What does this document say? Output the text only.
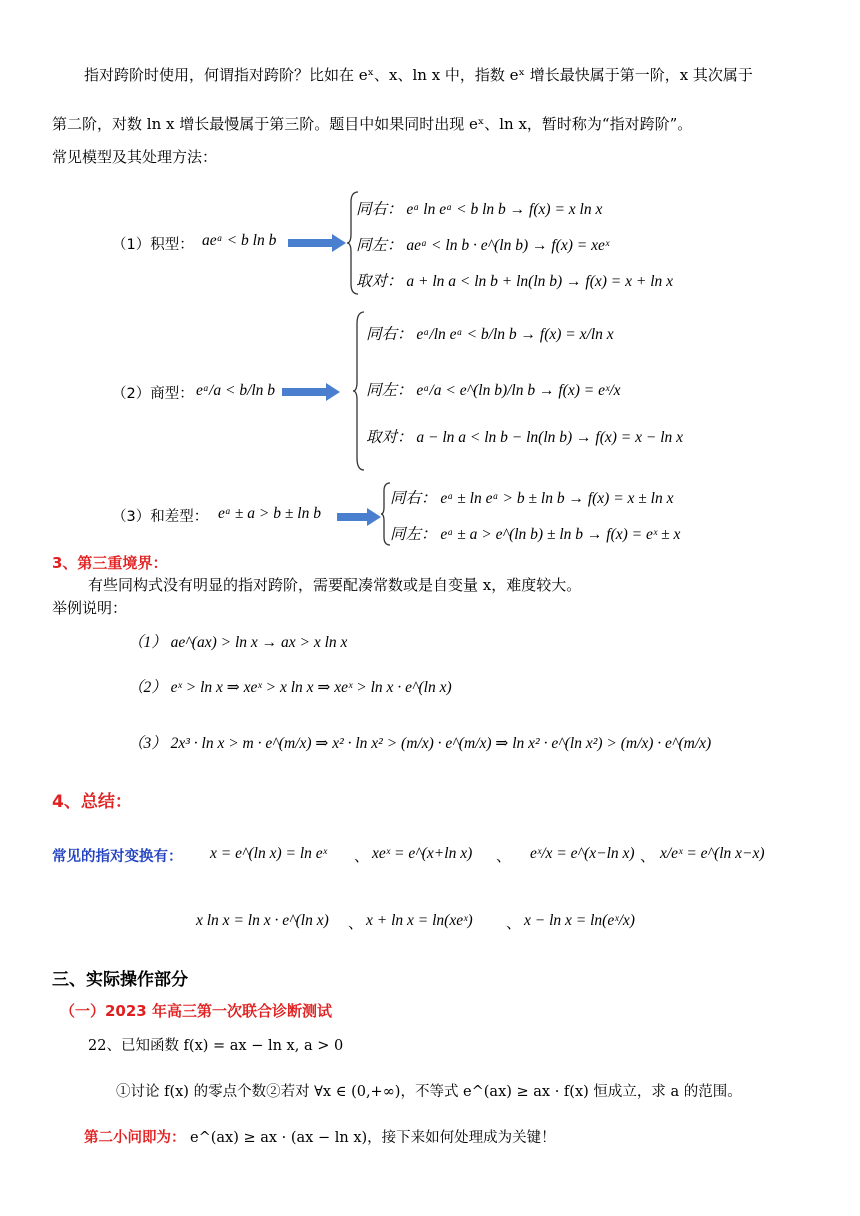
指对跨阶时使用，何谓指对跨阶？比如在 eˣ、x、ln x 中，指数 eˣ 增长最快属于第一阶，x 其次属于
第二阶，对数 ln x 增长最慢属于第三阶。题目中如果同时出现 eˣ、ln x，暂时称为“指对跨阶”。
常见模型及其处理方法：
（1）积型： aeᵃ < b ln b
同右： eᵃ ln eᵃ < b ln b → f(x) = x ln x
同左： aeᵃ < ln b · e^(ln b) → f(x) = xeˣ
取对： a + ln a < ln b + ln(ln b) → f(x) = x + ln x
（2）商型： eᵃ/a < b/ln b
同右： eᵃ/ln eᵃ < b/ln b → f(x) = x/ln x
同左： eᵃ/a < e^(ln b)/ln b → f(x) = eˣ/x
取对： a − ln a < ln b − ln(ln b) → f(x) = x − ln x
（3）和差型： eᵃ ± a > b ± ln b
同右： eᵃ ± ln eᵃ > b ± ln b → f(x) = x ± ln x
同左： eᵃ ± a > e^(ln b) ± ln b → f(x) = eˣ ± x
3、第三重境界：
有些同构式没有明显的指对跨阶，需要配凑常数或是自变量 x，难度较大。
举例说明：
（1） ae^(ax) > ln x → ax > x ln x
（2） eˣ > ln x ⇒ xeˣ > x ln x ⇒ xeˣ > ln x · e^(ln x)
（3） 2x³ · ln x > m · e^(m/x) ⇒ x² · ln x² > (m/x) · e^(m/x) ⇒ ln x² · e^(ln x²) > (m/x) · e^(m/x)
4、总结：
常见的指对变换有： x = e^(ln x) = ln eˣ 、 xeˣ = e^(x+ln x) 、 eˣ/x = e^(x−ln x) 、 x/eˣ = e^(ln x−x)
x ln x = ln x · e^(ln x) 、 x + ln x = ln(xeˣ) 、 x − ln x = ln(eˣ/x)
三、实际操作部分
（一）2023 年高三第一次联合诊断测试
22、已知函数 f(x) = ax − ln x, a > 0
①讨论 f(x) 的零点个数②若对 ∀x ∈ (0,+∞)，不等式 e^(ax) ≥ ax · f(x) 恒成立，求 a 的范围。
第二小问即为： e^(ax) ≥ ax · (ax − ln x)，接下来如何处理成为关键！
